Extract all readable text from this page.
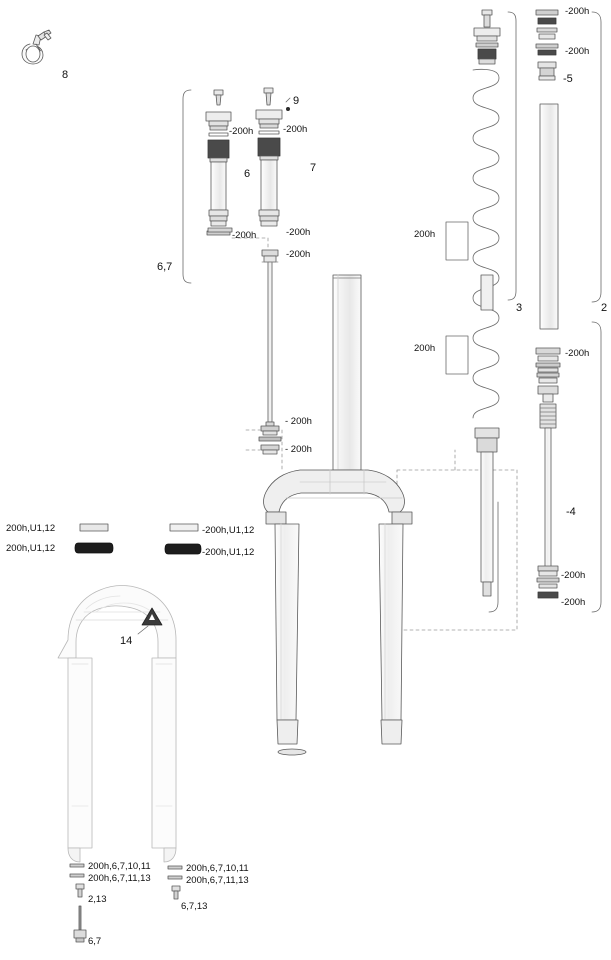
8
9
7
6
6,7
3	2
-5
-4
14
2,13
6,7,13
6,7
-200h
-200h
-200h	-200h
-200h	-200h
-200h
200h
200h	-200h
- 200h
- 200h
-200h
-200h
200h,U1,12
200h,U1,12
-200h,U1,12
-200h,U1,12
200h,6,7,10,11
200h,6,7,11,13
200h,6,7,10,11
200h,6,7,11,13
